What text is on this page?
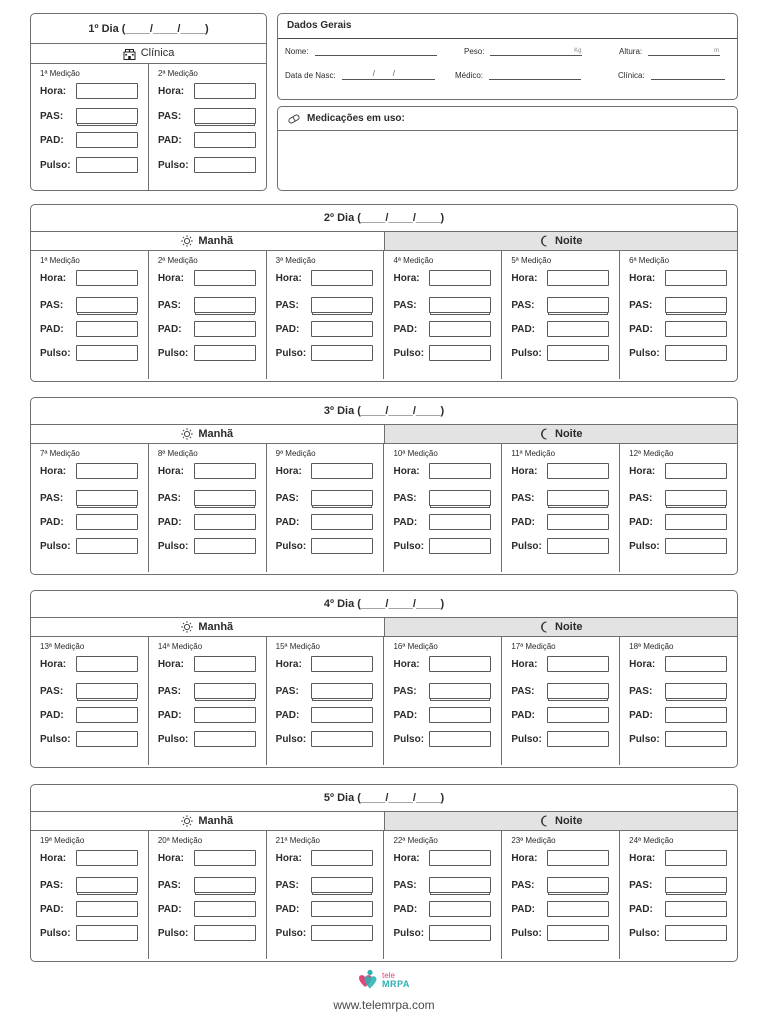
1º Dia (____/____/____)
Clínica
1ª Medição
Hora:
PAS:
PAD:
Pulso:
2ª Medição
Hora:
PAS:
PAD:
Pulso:
Dados Gerais
Nome:	Peso:	Kg	Altura:	m
Data de Nasc:	/ /	Médico:	Clínica:
Medicações em uso:
2º Dia (____/____/____)
Manhã	Noite
1ª Medição
Hora:
PAS:
PAD:
Pulso:
2ª Medição
Hora:
PAS:
PAD:
Pulso:
3ª Medição
Hora:
PAS:
PAD:
Pulso:
4ª Medição
Hora:
PAS:
PAD:
Pulso:
5ª Medição
Hora:
PAS:
PAD:
Pulso:
6ª Medição
Hora:
PAS:
PAD:
Pulso:
3º Dia (____/____/____)
Manhã	Noite
7ª Medição
Hora:
PAS:
PAD:
Pulso:
8ª Medição
Hora:
PAS:
PAD:
Pulso:
9ª Medição
Hora:
PAS:
PAD:
Pulso:
10ª Medição
Hora:
PAS:
PAD:
Pulso:
11ª Medição
Hora:
PAS:
PAD:
Pulso:
12ª Medição
Hora:
PAS:
PAD:
Pulso:
4º Dia (____/____/____)
Manhã	Noite
13ª Medição
Hora:
PAS:
PAD:
Pulso:
14ª Medição
Hora:
PAS:
PAD:
Pulso:
15ª Medição
Hora:
PAS:
PAD:
Pulso:
16ª Medição
Hora:
PAS:
PAD:
Pulso:
17ª Medição
Hora:
PAS:
PAD:
Pulso:
18ª Medição
Hora:
PAS:
PAD:
Pulso:
5º Dia (____/____/____)
Manhã	Noite
19ª Medição
Hora:
PAS:
PAD:
Pulso:
20ª Medição
Hora:
PAS:
PAD:
Pulso:
21ª Medição
Hora:
PAS:
PAD:
Pulso:
22ª Medição
Hora:
PAS:
PAD:
Pulso:
23ª Medição
Hora:
PAS:
PAD:
Pulso:
24ª Medição
Hora:
PAS:
PAD:
Pulso:
tele
MRPA
www.telemrpa.com
